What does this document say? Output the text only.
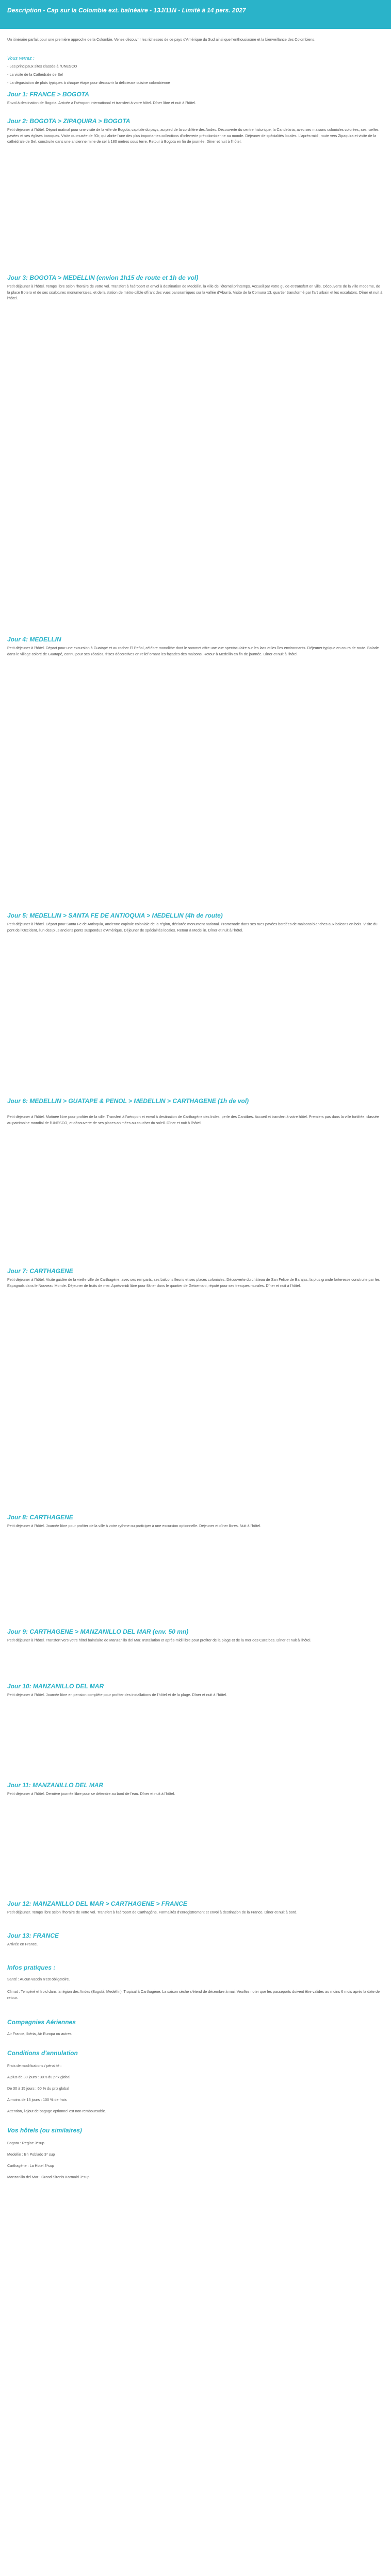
Description - Cap sur la Colombie ext. balnéaire - 13J/11N - Limité à 14 pers. 2027
Un itinéraire parfait pour une première approche de la Colombie. Venez découvrir les richesses de ce pays d'Amérique du Sud ainsi que l'enthousiasme et la bienveillance des Colombiens.
Vous verrez :
- Les principaux sites classés à l'UNESCO
- La visite de la Cathédrale de Sel
- La dégustation de plats typiques à chaque étape pour découvrir la délicieuse cuisine colombienne
Jour 1: FRANCE > BOGOTA
Envol à destination de Bogota. Arrivée à l'aéroport international et transfert à votre hôtel. Dîner libre et nuit à l'hôtel.
Jour 2: BOGOTA > ZIPAQUIRA > BOGOTA
Petit déjeuner à l'hôtel. Départ matinal pour une visite de la ville de Bogota, capitale du pays, au pied de la cordillère des Andes. Découverte du centre historique, la Candelaria, avec ses maisons coloniales colorées, ses ruelles pavées et ses églises baroques. Visite du musée de l'Or, qui abrite l'une des plus importantes collections d'orfèvrerie précolombienne au monde. Déjeuner de spécialités locales. L'après-midi, route vers Zipaquira et visite de la cathédrale de Sel, construite dans une ancienne mine de sel à 180 mètres sous terre. Retour à Bogota en fin de journée. Dîner et nuit à l'hôtel.
Jour 3: BOGOTA > MEDELLIN (envion 1h15 de route et 1h de vol)
Petit déjeuner à l'hôtel. Temps libre selon l'horaire de votre vol. Transfert à l'aéroport et envol à destination de Medellin, la ville de l'éternel printemps. Accueil par votre guide et transfert en ville. Découverte de la ville moderne, de la place Botero et de ses sculptures monumentales, et de la station de métro-câble offrant des vues panoramiques sur la vallée d'Aburrá. Visite de la Comuna 13, quartier transformé par l'art urbain et les escalators. Dîner et nuit à l'hôtel.
Jour 4: MEDELLIN
Petit déjeuner à l'hôtel. Départ pour une excursion à Guatapé et au rocher El Peñol, célèbre monolithe dont le sommet offre une vue spectaculaire sur les lacs et les îles environnants. Déjeuner typique en cours de route. Balade dans le village coloré de Guatapé, connu pour ses zócalos, frises décoratives en relief ornant les façades des maisons. Retour à Medellin en fin de journée. Dîner et nuit à l'hôtel.
Jour 5: MEDELLIN > SANTA FE DE ANTIOQUIA > MEDELLIN (4h de route)
Petit déjeuner à l'hôtel. Départ pour Santa Fe de Antioquia, ancienne capitale coloniale de la région, déclarée monument national. Promenade dans ses rues pavées bordées de maisons blanches aux balcons en bois. Visite du pont de l'Occident, l'un des plus anciens ponts suspendus d'Amérique. Déjeuner de spécialités locales. Retour à Medellin. Dîner et nuit à l'hôtel.
Jour 6: MEDELLIN > GUATAPE & PENOL > MEDELLIN > CARTHAGENE (1h de vol)
Petit déjeuner à l'hôtel. Matinée libre pour profiter de la ville. Transfert à l'aéroport et envol à destination de Carthagène des Indes, perle des Caraïbes. Accueil et transfert à votre hôtel. Premiers pas dans la ville fortifiée, classée au patrimoine mondial de l'UNESCO, et découverte de ses places animées au coucher du soleil. Dîner et nuit à l'hôtel.
Jour 7: CARTHAGENE
Petit déjeuner à l'hôtel. Visite guidée de la vieille ville de Carthagène, avec ses remparts, ses balcons fleuris et ses places coloniales. Découverte du château de San Felipe de Barajas, la plus grande forteresse construite par les Espagnols dans le Nouveau Monde. Déjeuner de fruits de mer. Après-midi libre pour flâner dans le quartier de Getsemani, réputé pour ses fresques murales. Dîner et nuit à l'hôtel.
Jour 8: CARTHAGENE
Petit déjeuner à l'hôtel. Journée libre pour profiter de la ville à votre rythme ou participer à une excursion optionnelle. Déjeuner et dîner libres. Nuit à l'hôtel.
Jour 9: CARTHAGENE > MANZANILLO DEL MAR (env. 50 mn)
Petit déjeuner à l'hôtel. Transfert vers votre hôtel balnéaire de Manzanillo del Mar. Installation et après-midi libre pour profiter de la plage et de la mer des Caraïbes. Dîner et nuit à l'hôtel.
Jour 10: MANZANILLO DEL MAR
Petit déjeuner à l'hôtel. Journée libre en pension complète pour profiter des installations de l'hôtel et de la plage. Dîner et nuit à l'hôtel.
Jour 11: MANZANILLO DEL MAR
Petit déjeuner à l'hôtel. Dernière journée libre pour se détendre au bord de l'eau. Dîner et nuit à l'hôtel.
Jour 12: MANZANILLO DEL MAR > CARTHAGENE > FRANCE
Petit déjeuner. Temps libre selon l'horaire de votre vol. Transfert à l'aéroport de Carthagène. Formalités d'enregistrement et envol à destination de la France. Dîner et nuit à bord.
Jour 13: FRANCE
Arrivée en France.
Infos pratiques :
Santé : Aucun vaccin n'est obligatoire.
Climat : Tempéré et froid dans la région des Andes (Bogotá, Medellín). Tropical à Carthagène. La saison sèche s'étend de décembre à mai. Veuillez noter que les passeports doivent être valides au moins 6 mois après la date de retour.
Compagnies Aériennes
Air France, Ibéria, Air Europa ou autres
Conditions d'annulation
Frais de modifications / pénalité :
A plus de 30 jours : 30% du prix global
De 30 à 15 jours : 60 % du prix global
A moins de 15 jours : 100 % de frais
Attention, l'ajout de bagage optionnel est non remboursable.
Vos hôtels (ou similaires)
Bogota : Regine 3*sup
Medellin : Bh Poblado 3* sup
Carthagène : La Hotel 3*sup
Manzanillo del Mar : Grand Sirenis Karmairi 3*sup
